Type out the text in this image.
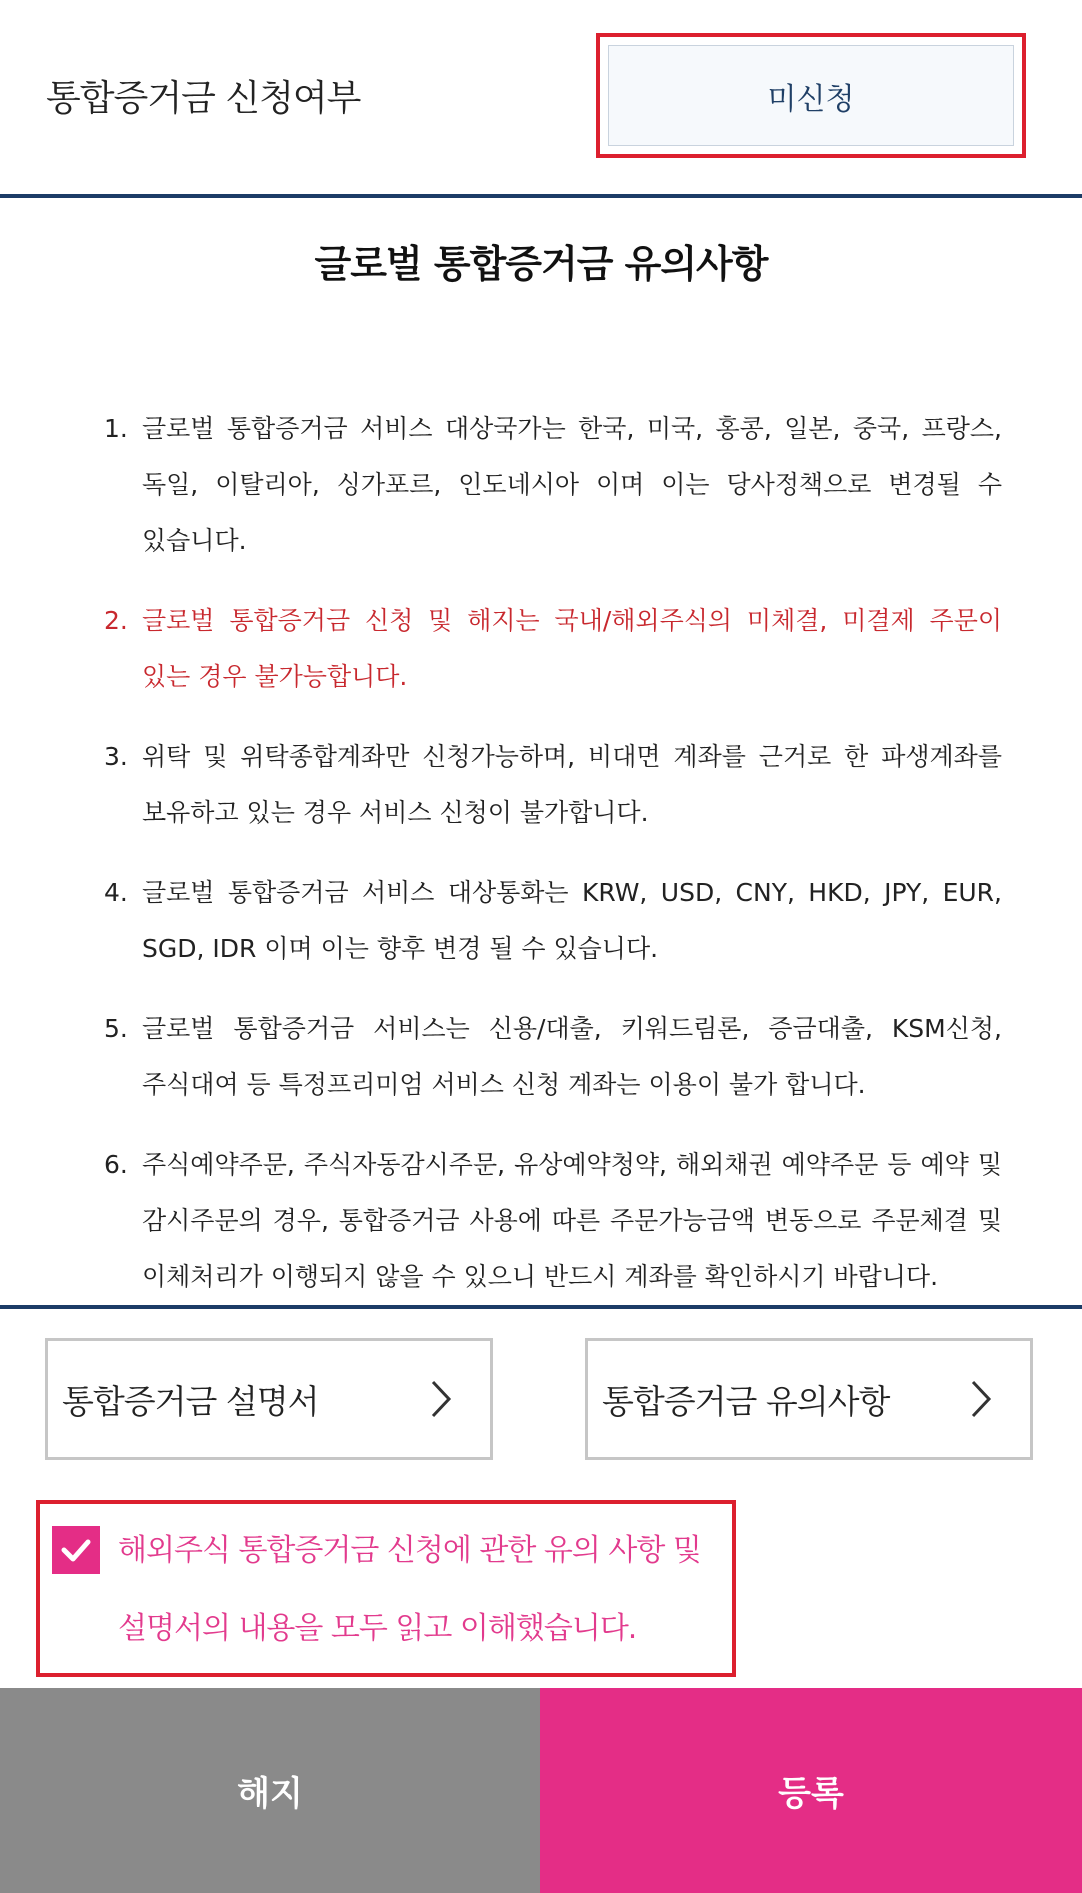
통합증거금 신청여부	미신청
글로벌 통합증거금 유의사항
1. 글로벌 통합증거금 서비스 대상국가는 한국, 미국, 홍콩, 일본, 중국, 프랑스, 독일, 이탈리아, 싱가포르, 인도네시아 이며 이는 당사정책으로 변경될 수 있습니다.
2. 글로벌 통합증거금 신청 및 해지는 국내/해외주식의 미체결, 미결제 주문이 있는 경우 불가능합니다.
3. 위탁 및 위탁종합계좌만 신청가능하며, 비대면 계좌를 근거로 한 파생계좌를 보유하고 있는 경우 서비스 신청이 불가합니다.
4. 글로벌 통합증거금 서비스 대상통화는 KRW, USD, CNY, HKD, JPY, EUR, SGD, IDR 이며 이는 향후 변경 될 수 있습니다.
5. 글로벌 통합증거금 서비스는 신용/대출, 키워드림론, 증금대출, KSM신청, 주식대여 등 특정프리미엄 서비스 신청 계좌는 이용이 불가 합니다.
6. 주식예약주문, 주식자동감시주문, 유상예약청약, 해외채권 예약주문 등 예약 및 감시주문의 경우, 통합증거금 사용에 따른 주문가능금액 변동으로 주문체결 및 이체처리가 이행되지 않을 수 있으니 반드시 계좌를 확인하시기 바랍니다.
통합증거금 설명서	통합증거금 유의사항
해외주식 통합증거금 신청에 관한 유의 사항 및 설명서의 내용을 모두 읽고 이해했습니다.
해지	등록
